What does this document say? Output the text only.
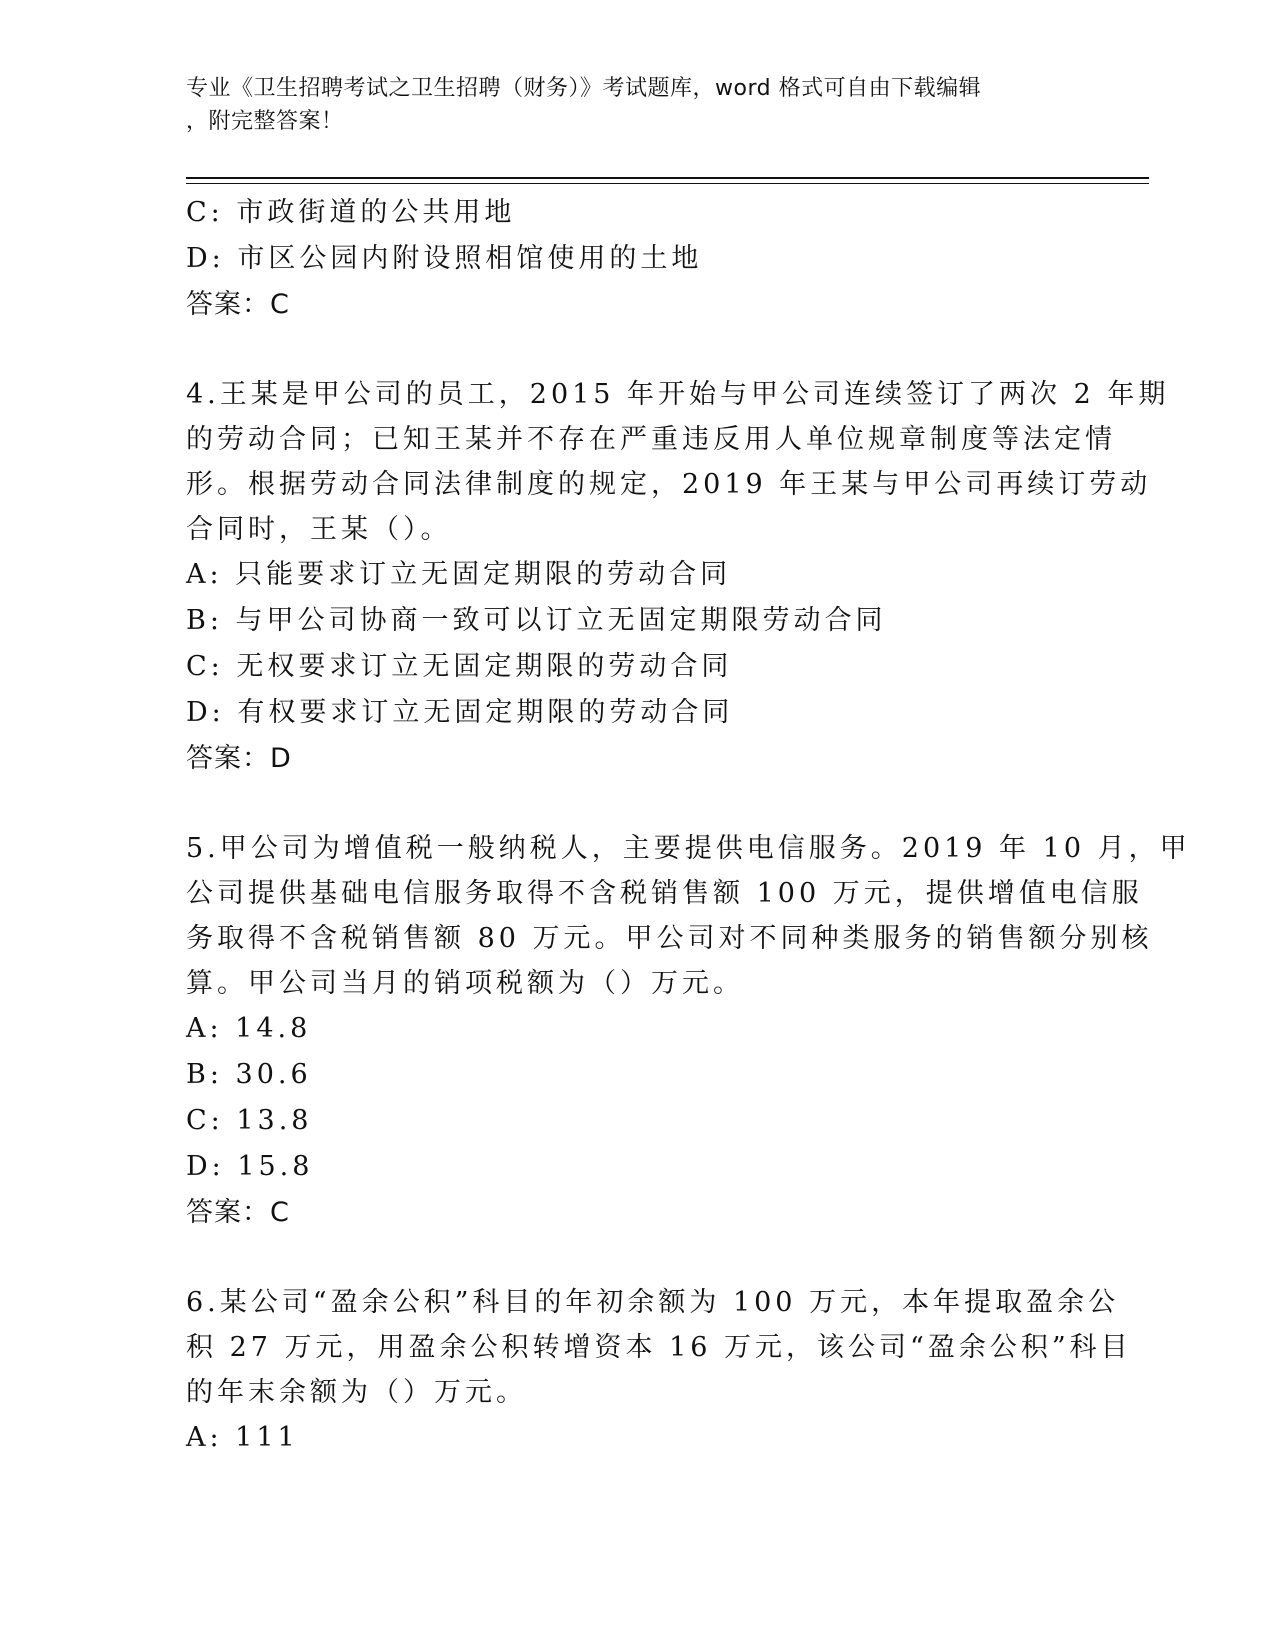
专业《卫生招聘考试之卫生招聘（财务）》考试题库，word 格式可自由下载编辑
，附完整答案！
C: 市政街道的公共用地
D: 市区公园内附设照相馆使用的土地
答案：C
4.王某是甲公司的员工，2015 年开始与甲公司连续签订了两次 2 年期
的劳动合同；已知王某并不存在严重违反用人单位规章制度等法定情
形。根据劳动合同法律制度的规定，2019 年王某与甲公司再续订劳动
合同时，王某（）。
A: 只能要求订立无固定期限的劳动合同
B: 与甲公司协商一致可以订立无固定期限劳动合同
C: 无权要求订立无固定期限的劳动合同
D: 有权要求订立无固定期限的劳动合同
答案：D
5.甲公司为增值税一般纳税人，主要提供电信服务。2019 年 10 月，甲
公司提供基础电信服务取得不含税销售额 100 万元，提供增值电信服
务取得不含税销售额 80 万元。甲公司对不同种类服务的销售额分别核
算。甲公司当月的销项税额为（）万元。
A: 14.8
B: 30.6
C: 13.8
D: 15.8
答案：C
6.某公司“盈余公积”科目的年初余额为 100 万元，本年提取盈余公
积 27 万元，用盈余公积转增资本 16 万元，该公司“盈余公积”科目
的年末余额为（）万元。
A: 111
